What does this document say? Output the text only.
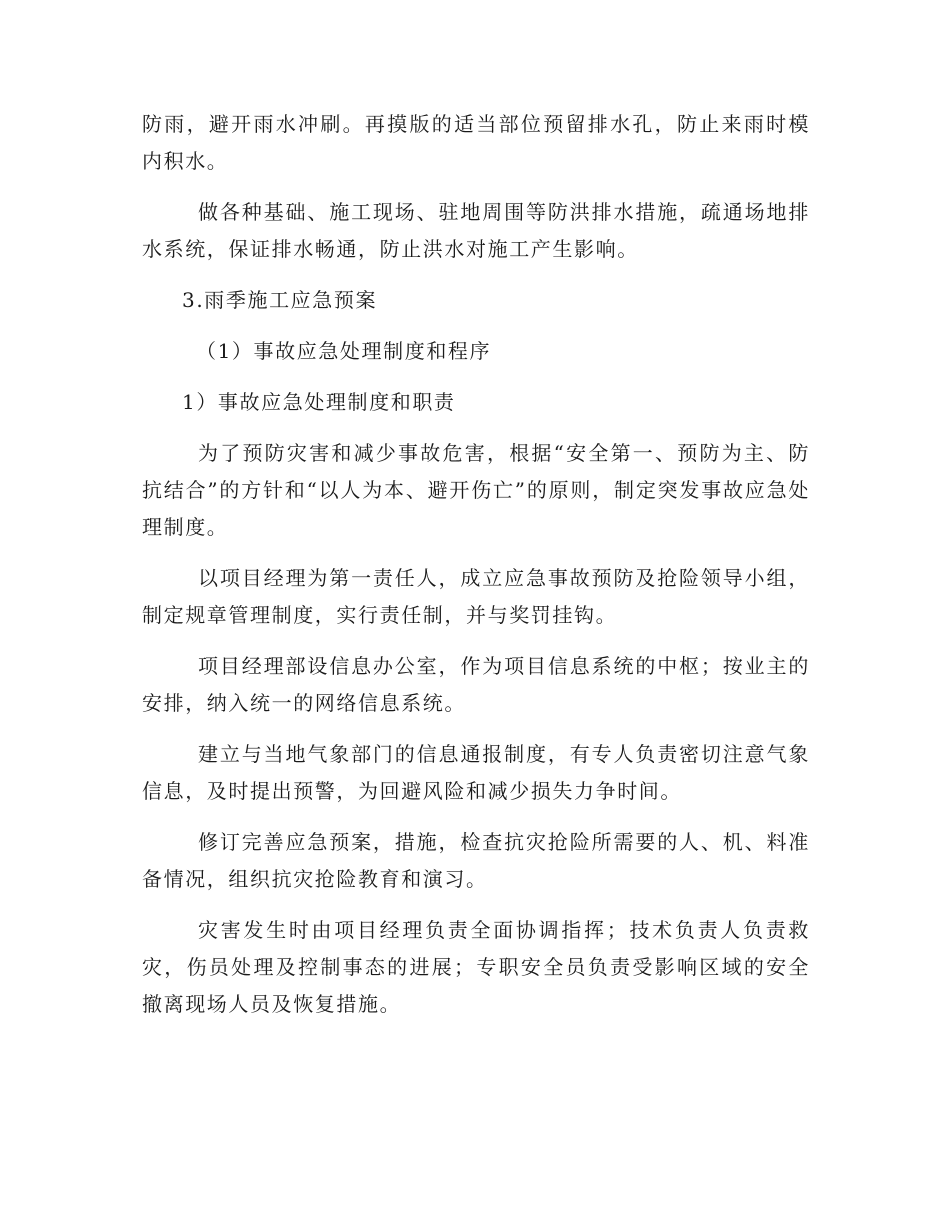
防雨，避开雨水冲刷。再摸版的适当部位预留排水孔，防止来雨时模内积水。

做各种基础、施工现场、驻地周围等防洪排水措施，疏通场地排水系统，保证排水畅通，防止洪水对施工产生影响。

3.雨季施工应急预案

（1）事故应急处理制度和程序

1）事故应急处理制度和职责

为了预防灾害和减少事故危害，根据“安全第一、预防为主、防抗结合”的方针和“以人为本、避开伤亡”的原则，制定突发事故应急处理制度。

以项目经理为第一责任人，成立应急事故预防及抢险领导小组，制定规章管理制度，实行责任制，并与奖罚挂钩。

项目经理部设信息办公室，作为项目信息系统的中枢；按业主的安排，纳入统一的网络信息系统。

建立与当地气象部门的信息通报制度，有专人负责密切注意气象信息，及时提出预警，为回避风险和减少损失力争时间。

修订完善应急预案，措施，检查抗灾抢险所需要的人、机、料准备情况，组织抗灾抢险教育和演习。

灾害发生时由项目经理负责全面协调指挥；技术负责人负责救灾，伤员处理及控制事态的进展；专职安全员负责受影响区域的安全撤离现场人员及恢复措施。
